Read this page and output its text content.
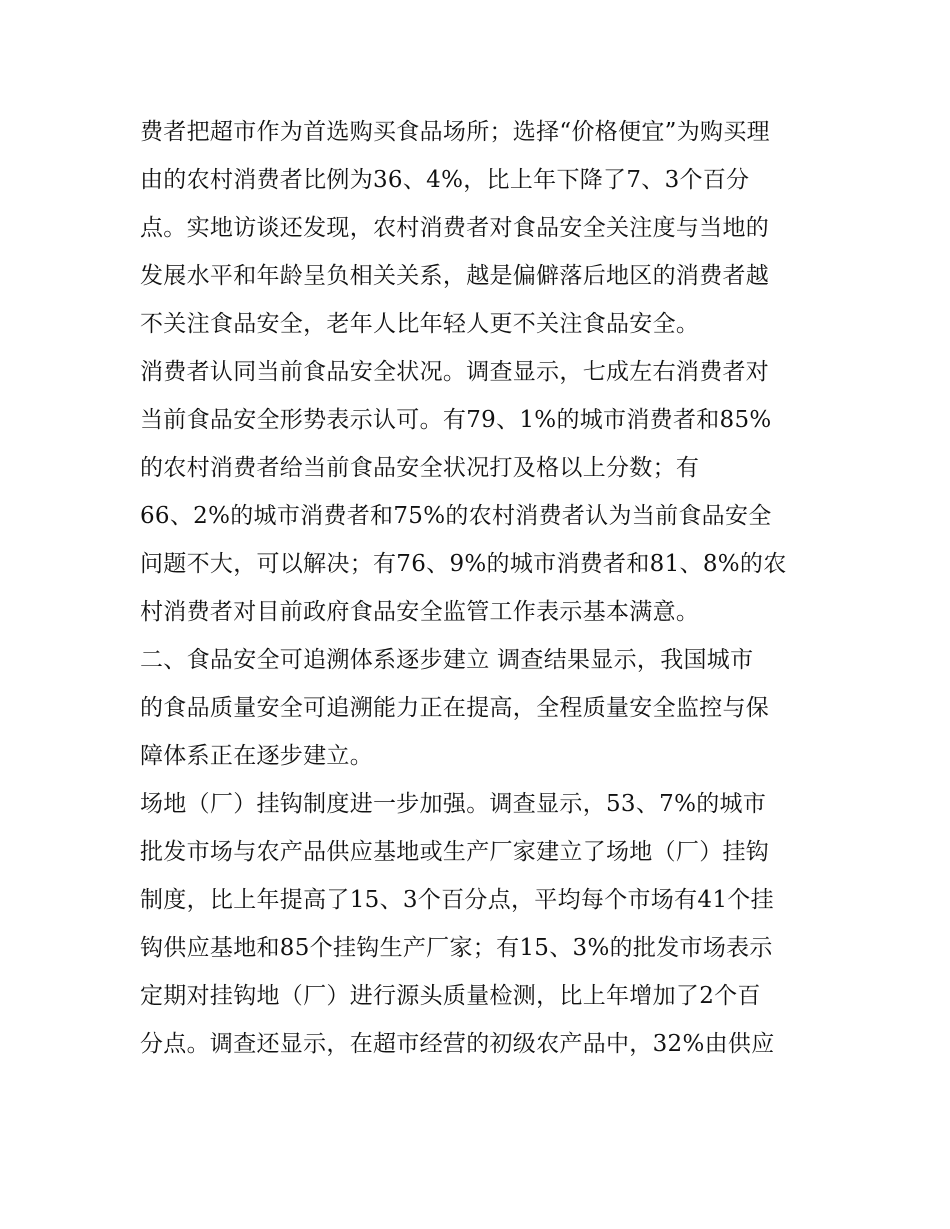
费者把超市作为首选购买食品场所；选择“价格便宜”为购买理
由的农村消费者比例为36、4%，比上年下降了7、3个百分
点。实地访谈还发现，农村消费者对食品安全关注度与当地的
发展水平和年龄呈负相关关系，越是偏僻落后地区的消费者越
不关注食品安全，老年人比年轻人更不关注食品安全。
消费者认同当前食品安全状况。调查显示，七成左右消费者对
当前食品安全形势表示认可。有79、1%的城市消费者和85%
的农村消费者给当前食品安全状况打及格以上分数；有
66、2%的城市消费者和75%的农村消费者认为当前食品安全
问题不大，可以解决；有76、9%的城市消费者和81、8%的农
村消费者对目前政府食品安全监管工作表示基本满意。
二、食品安全可追溯体系逐步建立 调查结果显示，我国城市
的食品质量安全可追溯能力正在提高，全程质量安全监控与保
障体系正在逐步建立。
场地（厂）挂钩制度进一步加强。调查显示，53、7%的城市
批发市场与农产品供应基地或生产厂家建立了场地（厂）挂钩
制度，比上年提高了15、3个百分点，平均每个市场有41个挂
钩供应基地和85个挂钩生产厂家；有15、3%的批发市场表示
定期对挂钩地（厂）进行源头质量检测，比上年增加了2个百
分点。调查还显示，在超市经营的初级农产品中，32%由供应
